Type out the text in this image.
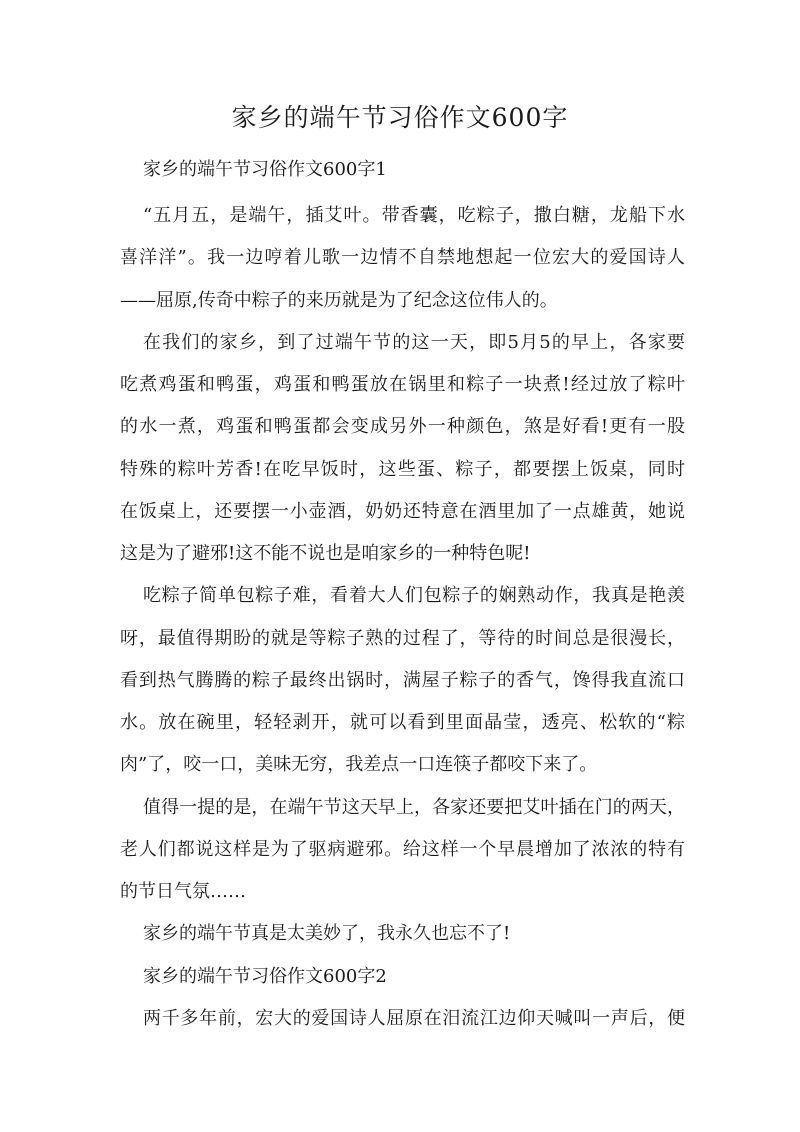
家乡的端午节习俗作文600字
家乡的端午节习俗作文600字1
“五月五，是端午，插艾叶。带香囊，吃粽子，撒白糖，龙船下水
喜洋洋”。我一边哼着儿歌一边情不自禁地想起一位宏大的爱国诗人
——屈原,传奇中粽子的来历就是为了纪念这位伟人的。
在我们的家乡，到了过端午节的这一天，即5月5的早上，各家要
吃煮鸡蛋和鸭蛋，鸡蛋和鸭蛋放在锅里和粽子一块煮!经过放了粽叶
的水一煮，鸡蛋和鸭蛋都会变成另外一种颜色，煞是好看!更有一股
特殊的粽叶芳香!在吃早饭时，这些蛋、粽子，都要摆上饭桌，同时
在饭桌上，还要摆一小壶酒，奶奶还特意在酒里加了一点雄黄，她说
这是为了避邪!这不能不说也是咱家乡的一种特色呢!
吃粽子简单包粽子难，看着大人们包粽子的娴熟动作，我真是艳羡
呀，最值得期盼的就是等粽子熟的过程了，等待的时间总是很漫长，
看到热气腾腾的粽子最终出锅时，满屋子粽子的香气，馋得我直流口
水。放在碗里，轻轻剥开，就可以看到里面晶莹，透亮、松软的“粽
肉”了，咬一口，美味无穷，我差点一口连筷子都咬下来了。
值得一提的是，在端午节这天早上，各家还要把艾叶插在门的两天，
老人们都说这样是为了驱病避邪。给这样一个早晨增加了浓浓的特有
的节日气氛……
家乡的端午节真是太美妙了，我永久也忘不了!
家乡的端午节习俗作文600字2
两千多年前，宏大的爱国诗人屈原在汨流江边仰天喊叫一声后，便
